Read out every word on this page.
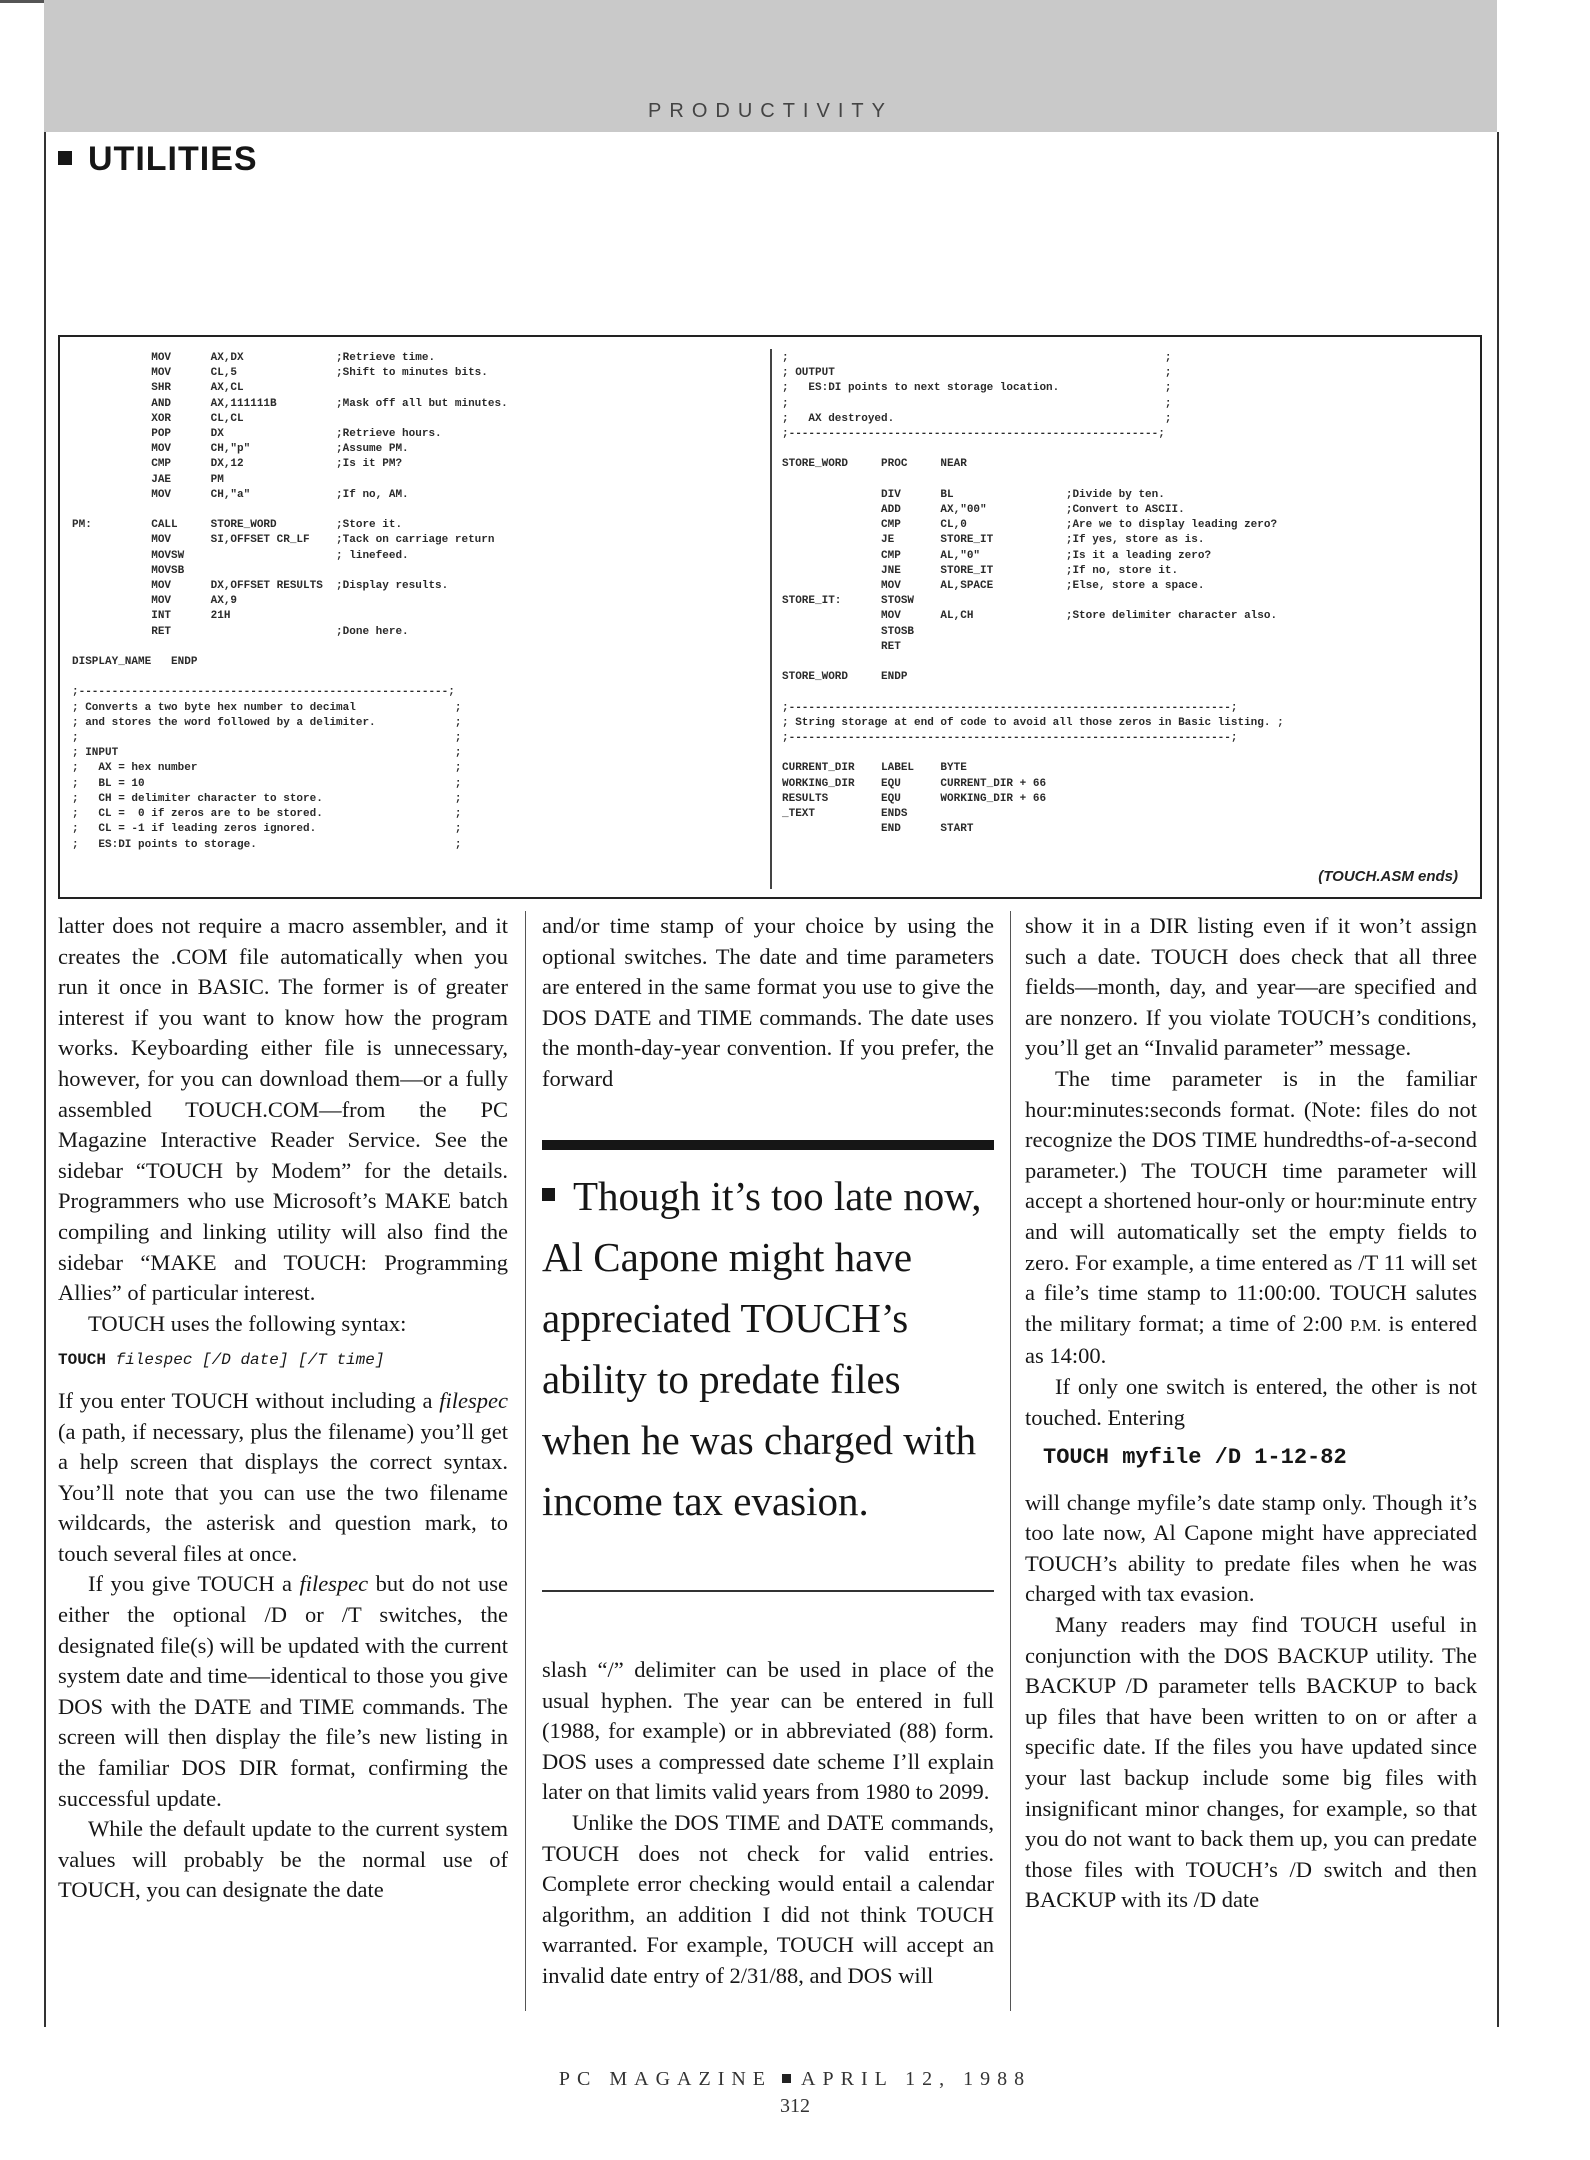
PRODUCTIVITY
UTILITIES
MOV      AX,DX              ;Retrieve time.
MOV      CL,5               ;Shift to minutes bits.
SHR      AX,CL
AND      AX,111111B         ;Mask off all but minutes.
XOR      CL,CL
POP      DX                 ;Retrieve hours.
MOV      CH,"p"             ;Assume PM.
CMP      DX,12              ;Is it PM?
JAE      PM
MOV      CH,"a"             ;If no, AM.

PM:         CALL     STORE_WORD         ;Store it.
MOV      SI,OFFSET CR_LF    ;Tack on carriage return
MOVSW                       ; linefeed.
MOVSB
MOV      DX,OFFSET RESULTS  ;Display results.
MOV      AX,9
INT      21H
RET                         ;Done here.

DISPLAY_NAME   ENDP

;--------------------------------------------------------;
; Converts a two byte hex number to decimal               ;
; and stores the word followed by a delimiter.            ;
;                                                         ;
; INPUT                                                   ;
;   AX = hex number                                       ;
;   BL = 10                                               ;
;   CH = delimiter character to store.                    ;
;   CL =  0 if zeros are to be stored.                    ;
;   CL = -1 if leading zeros ignored.                     ;
;   ES:DI points to storage.                              ;
;                                                         ;
; OUTPUT                                                  ;
;   ES:DI points to next storage location.                ;
;                                                         ;
;   AX destroyed.                                         ;
;--------------------------------------------------------;

STORE_WORD     PROC     NEAR

DIV      BL                 ;Divide by ten.
ADD      AX,"00"            ;Convert to ASCII.
CMP      CL,0               ;Are we to display leading zero?
JE       STORE_IT           ;If yes, store as is.
CMP      AL,"0"             ;Is it a leading zero?
JNE      STORE_IT           ;If no, store it.
MOV      AL,SPACE           ;Else, store a space.
STORE_IT:      STOSW
MOV      AL,CH              ;Store delimiter character also.
STOSB
RET

STORE_WORD     ENDP

;-------------------------------------------------------------------;
; String storage at end of code to avoid all those zeros in Basic listing. ;
;-------------------------------------------------------------------;

CURRENT_DIR    LABEL    BYTE
WORKING_DIR    EQU      CURRENT_DIR + 66
RESULTS        EQU      WORKING_DIR + 66
_TEXT          ENDS
END      START
(TOUCH.ASM ends)

latter does not require a macro assembler, and it creates the .COM file automatically when you run it once in BASIC. The former is of greater interest if you want to know how the program works. Keyboarding either file is unnecessary, however, for you can download them—or a fully assembled TOUCH.COM—from the PC Magazine Interactive Reader Service. See the sidebar “TOUCH by Modem” for the details. Programmers who use Microsoft’s MAKE batch compiling and linking utility will also find the sidebar “MAKE and TOUCH: Programming Allies” of particular interest.

TOUCH uses the following syntax:

TOUCH filespec [/D date] [/T time]

If you enter TOUCH without including a filespec (a path, if necessary, plus the filename) you’ll get a help screen that displays the correct syntax. You’ll note that you can use the two filename wildcards, the asterisk and question mark, to touch several files at once.

If you give TOUCH a filespec but do not use either the optional /D or /T switches, the designated file(s) will be updated with the current system date and time—identical to those you give DOS with the DATE and TIME commands. The screen will then display the file’s new listing in the familiar DOS DIR format, confirming the successful update.

While the default update to the current system values will probably be the normal use of TOUCH, you can designate the date

and/or time stamp of your choice by using the optional switches. The date and time parameters are entered in the same format you use to give the DOS DATE and TIME commands. The date uses the month-day-year convention. If you prefer, the forward

Though it’s too late now, Al Capone might have appreciated TOUCH’s ability to predate files when he was charged with income tax evasion.

slash “/” delimiter can be used in place of the usual hyphen. The year can be entered in full (1988, for example) or in abbreviated (88) form. DOS uses a compressed date scheme I’ll explain later on that limits valid years from 1980 to 2099.

Unlike the DOS TIME and DATE commands, TOUCH does not check for valid entries. Complete error checking would entail a calendar algorithm, an addition I did not think TOUCH warranted. For example, TOUCH will accept an invalid date entry of 2/31/88, and DOS will

show it in a DIR listing even if it won’t assign such a date. TOUCH does check that all three fields—month, day, and year—are specified and are nonzero. If you violate TOUCH’s conditions, you’ll get an “Invalid parameter” message.

The time parameter is in the familiar hour:minutes:seconds format. (Note: files do not recognize the DOS TIME hundredths-of-a-second parameter.) The TOUCH time parameter will accept a shortened hour-only or hour:minute entry and will automatically set the empty fields to zero. For example, a time entered as /T 11 will set a file’s time stamp to 11:00:00. TOUCH salutes the military format; a time of 2:00 P.M. is entered as 14:00.

If only one switch is entered, the other is not touched. Entering

TOUCH myfile /D 1-12-82

will change myfile’s date stamp only. Though it’s too late now, Al Capone might have appreciated TOUCH’s ability to predate files when he was charged with tax evasion.

Many readers may find TOUCH useful in conjunction with the DOS BACKUP utility. The BACKUP /D parameter tells BACKUP to back up files that have been written to on or after a specific date. If the files you have updated since your last backup include some big files with insignificant minor changes, for example, so that you do not want to back them up, you can predate those files with TOUCH’s /D switch and then BACKUP with its /D date

PC MAGAZINE APRIL 12, 1988
312
